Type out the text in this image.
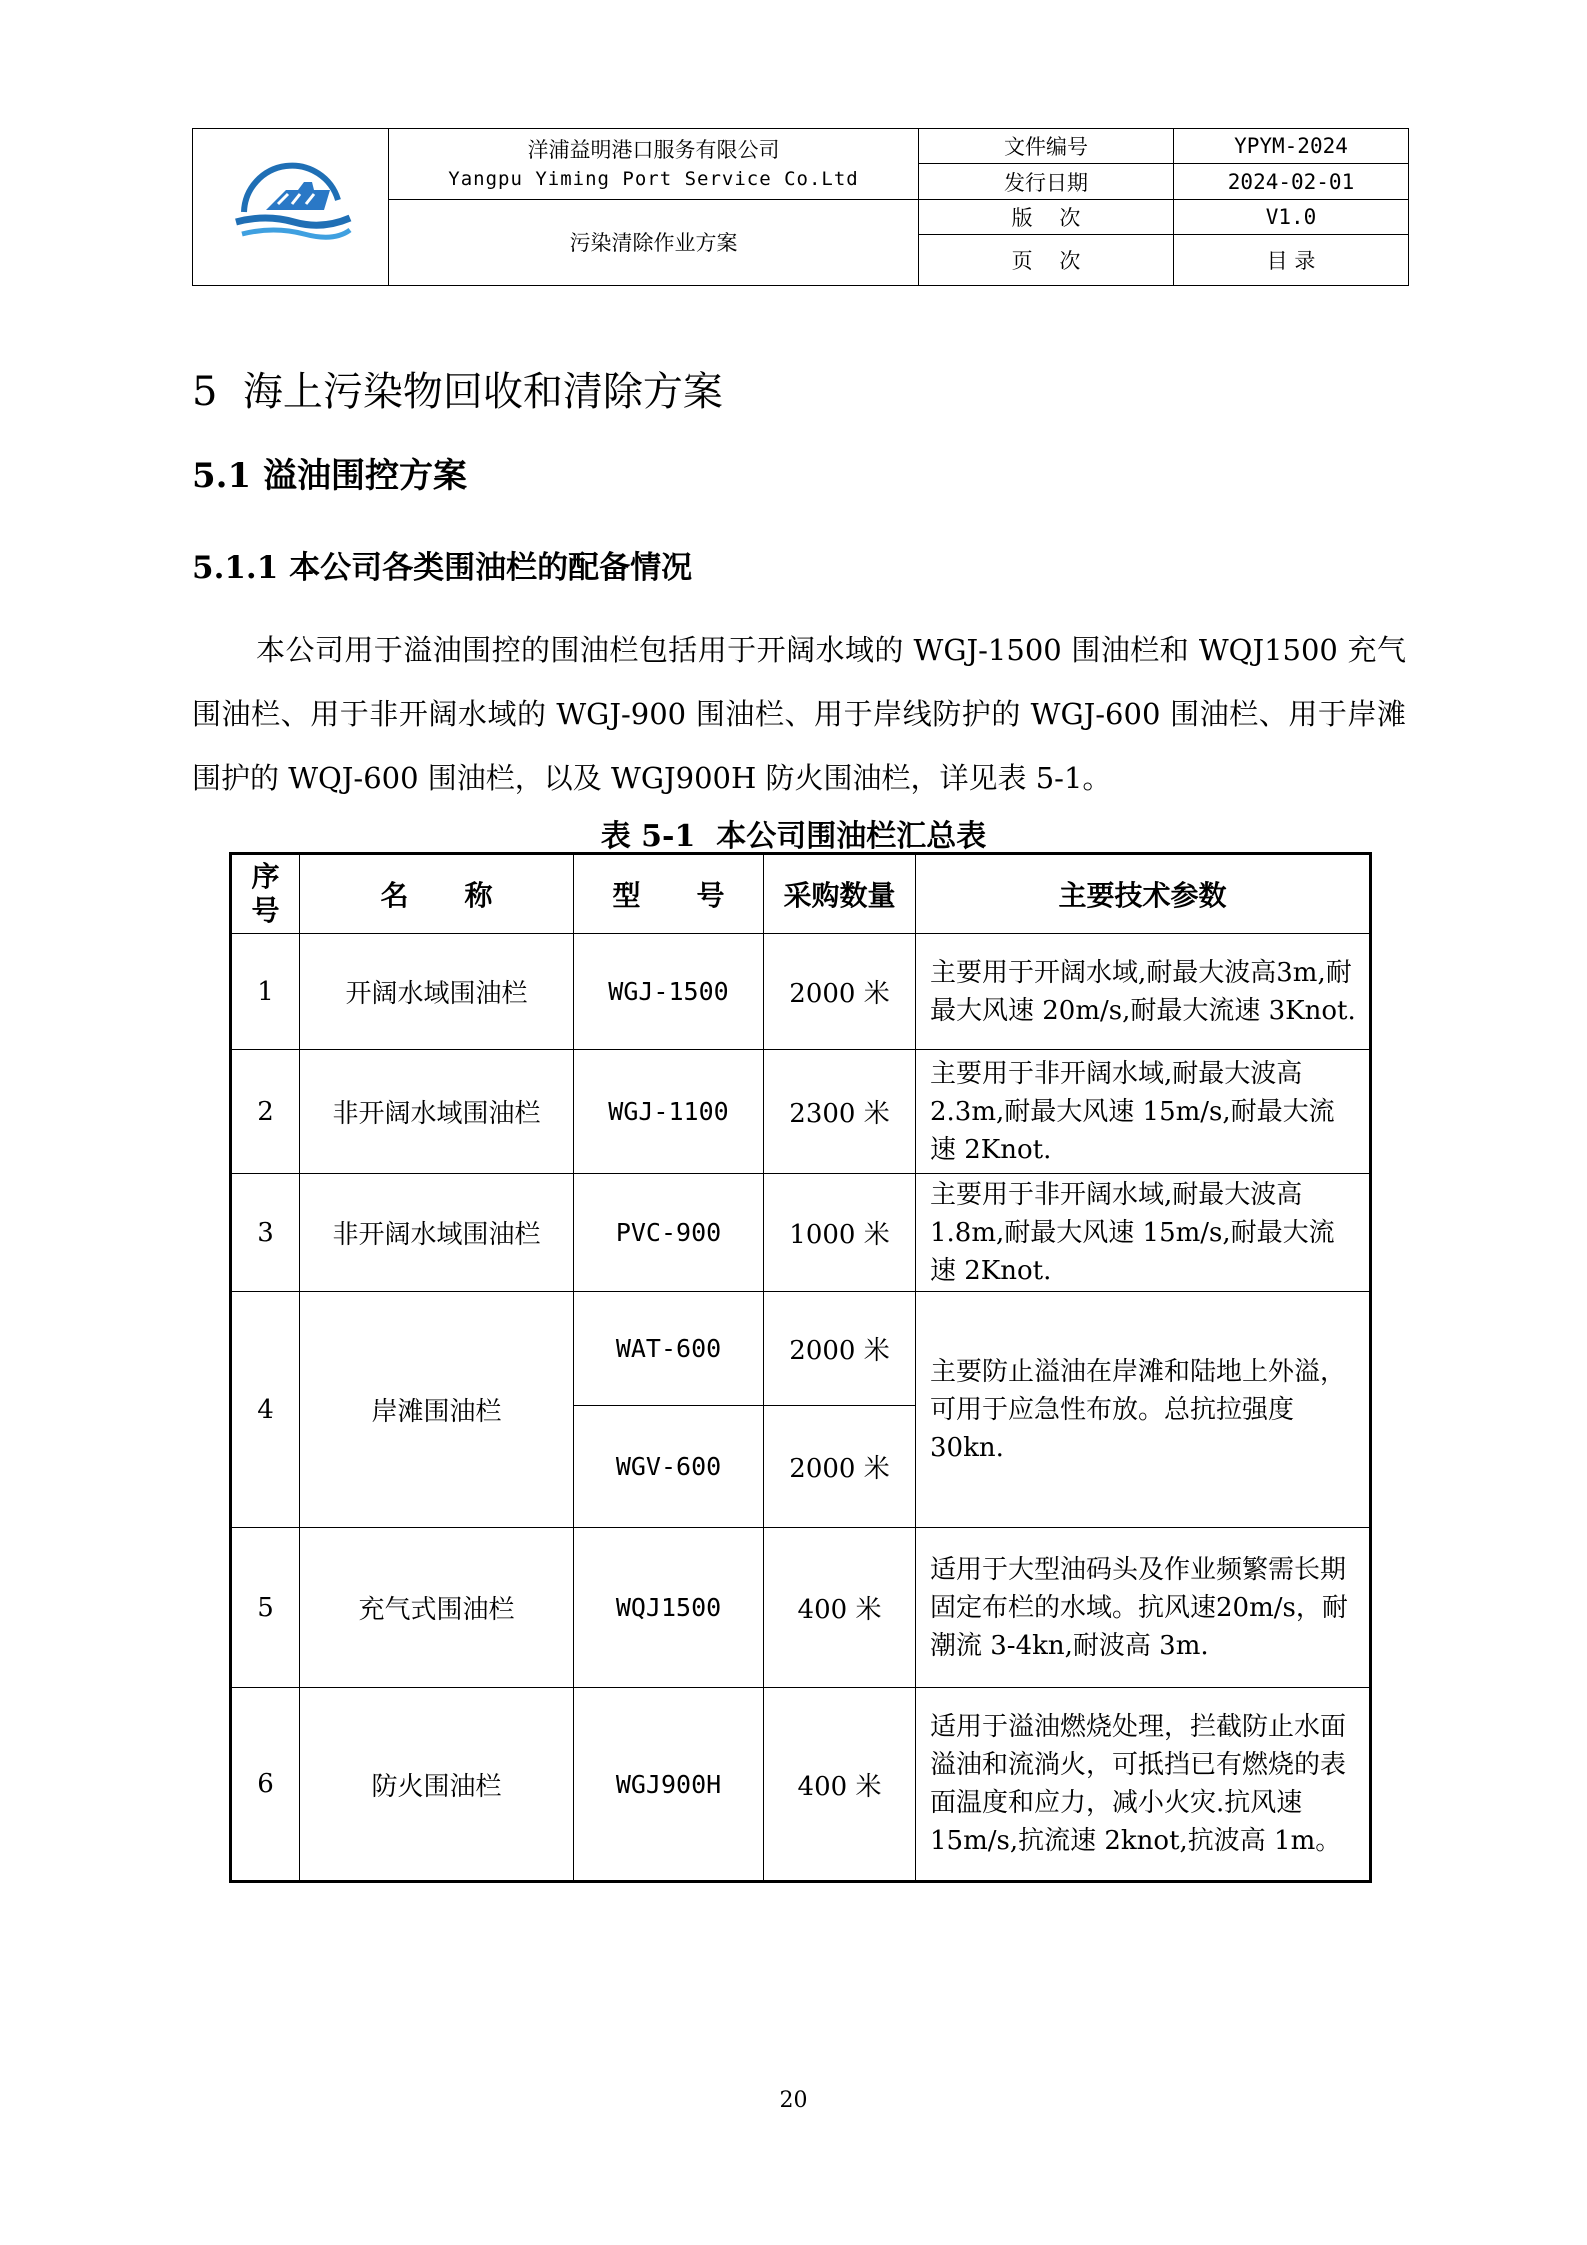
洋浦益明港口服务有限公司
Yangpu Yiming Port Service Co.Ltd	文件编号	YPYM-2024
		发行日期	2024-02-01
	污染清除作业方案	版    次	V1.0
		页    次	目 录
5  海上污染物回收和清除方案
5.1 溢油围控方案
5.1.1 本公司各类围油栏的配备情况

本公司用于溢油围控的围油栏包括用于开阔水域的 WGJ-1500 围油栏和 WQJ1500 充气围油栏、用于非开阔水域的 WGJ-900 围油栏、用于岸线防护的 WGJ-600 围油栏、用于岸滩围护的 WQJ-600 围油栏，以及 WGJ900H 防火围油栏，详见表 5-1。

表 5-1  本公司围油栏汇总表

序号	名　　称	型　　号	采购数量	主要技术参数
1	开阔水域围油栏	WGJ-1500	2000 米	主要用于开阔水域,耐最大波高3m,耐最大风速 20m/s,耐最大流速 3Knot.
2	非开阔水域围油栏	WGJ-1100	2300 米	主要用于非开阔水域,耐最大波高 2.3m,耐最大风速 15m/s,耐最大流速 2Knot.
3	非开阔水域围油栏	PVC-900	1000 米	主要用于非开阔水域,耐最大波高 1.8m,耐最大风速 15m/s,耐最大流速 2Knot.
4	岸滩围油栏	WAT-600	2000 米	主要防止溢油在岸滩和陆地上外溢，可用于应急性布放。总抗拉强度 30kn.
		WGV-600	2000 米	
5	充气式围油栏	WQJ1500	400 米	适用于大型油码头及作业频繁需长期固定布栏的水域。抗风速20m/s，耐潮流 3-4kn,耐波高 3m.
6	防火围油栏	WGJ900H	400 米	适用于溢油燃烧处理，拦截防止水面溢油和流淌火，可抵挡已有燃烧的表面温度和应力，减小火灾.抗风速 15m/s,抗流速 2knot,抗波高 1m。
20
